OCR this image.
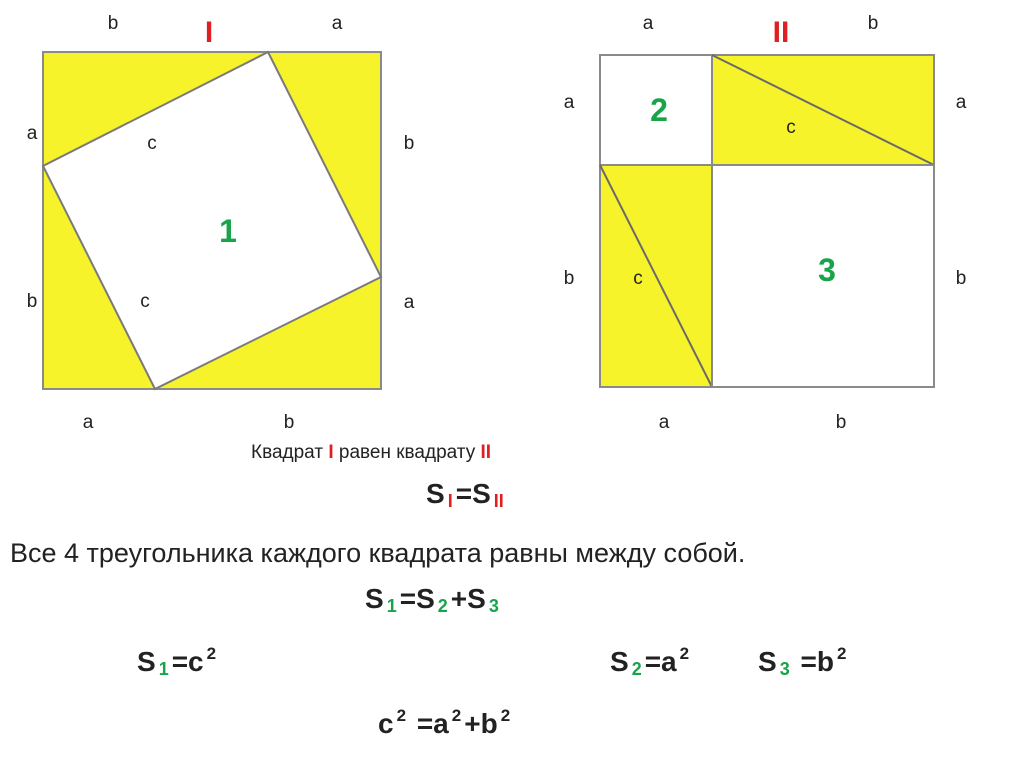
I
b	a
a
b
b
a
a	b
c
c
1
II
a	b
a
b
a
b
a	b
c
c
2
3
Квадрат I равен квадрату II
S $_I$ =S $_{II}$
Все 4 треугольника каждого квадрата равны между собой.
S $_1$ =S $_2$ +S $_3$
S $_1$ =c $^2$	S $_2$ =a $^2$ S $_3$ =b $^2$
c $^2$ =a $^2$ +b $^2$
